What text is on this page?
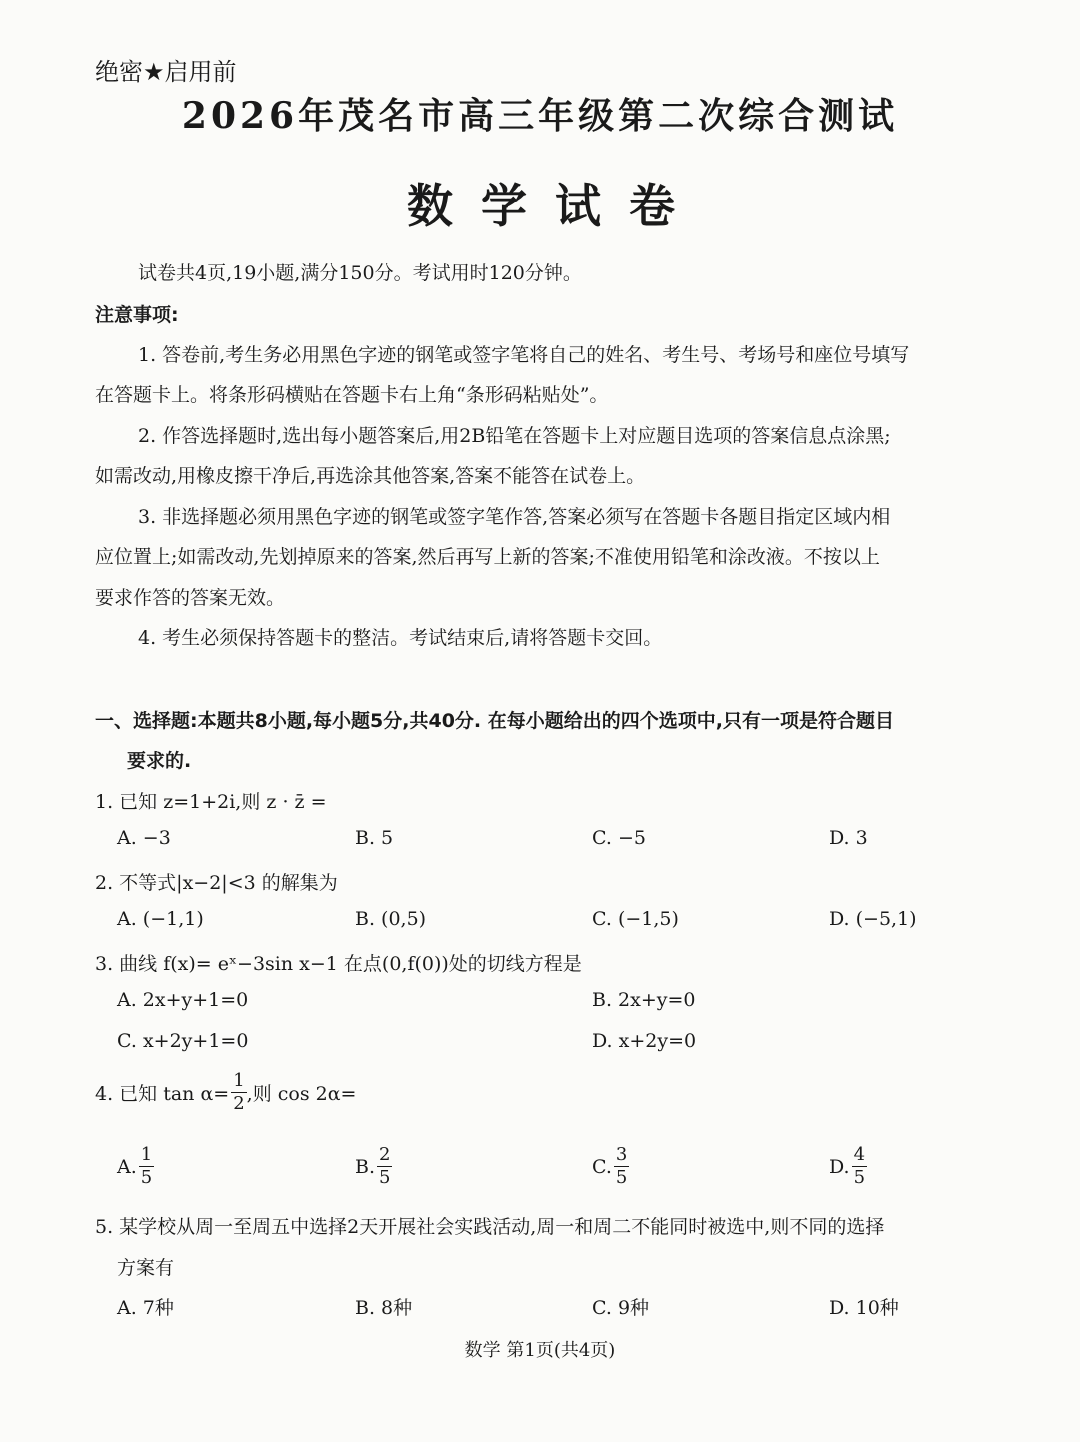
绝密★启用前
2026年茂名市高三年级第二次综合测试
数学试卷
试卷共4页,19小题,满分150分。考试用时120分钟。
注意事项:
1. 答卷前,考生务必用黑色字迹的钢笔或签字笔将自己的姓名、考生号、考场号和座位号填写
在答题卡上。将条形码横贴在答题卡右上角“条形码粘贴处”。
2. 作答选择题时,选出每小题答案后,用2B铅笔在答题卡上对应题目选项的答案信息点涂黑;
如需改动,用橡皮擦干净后,再选涂其他答案,答案不能答在试卷上。
3. 非选择题必须用黑色字迹的钢笔或签字笔作答,答案必须写在答题卡各题目指定区域内相
应位置上;如需改动,先划掉原来的答案,然后再写上新的答案;不准使用铅笔和涂改液。不按以上
要求作答的答案无效。
4. 考生必须保持答题卡的整洁。考试结束后,请将答题卡交回。
一、选择题:本题共8小题,每小题5分,共40分. 在每小题给出的四个选项中,只有一项是符合题目
要求的.
1. 已知 z=1+2i,则 z · z̄ =
A. −3	B. 5	C. −5	D. 3
2. 不等式|x−2|<3 的解集为
A. (−1,1)	B. (0,5)	C. (−1,5)	D. (−5,1)
3. 曲线 f(x)= eˣ−3sin x−1 在点(0,f(0))处的切线方程是
A. 2x+y+1=0	B. 2x+y=0
C. x+2y+1=0	D. x+2y=0
4. 已知 $\tan \alpha= \frac{1}{2}$ ,则 cos 2α=
A. $\frac{1}{5}$	B. $\frac{2}{5}$	C. $\frac{3}{5}$	D. $\frac{4}{5}$
5. 某学校从周一至周五中选择2天开展社会实践活动,周一和周二不能同时被选中,则不同的选择
方案有
A. 7种	B. 8种	C. 9种	D. 10种
数学 第1页(共4页)
